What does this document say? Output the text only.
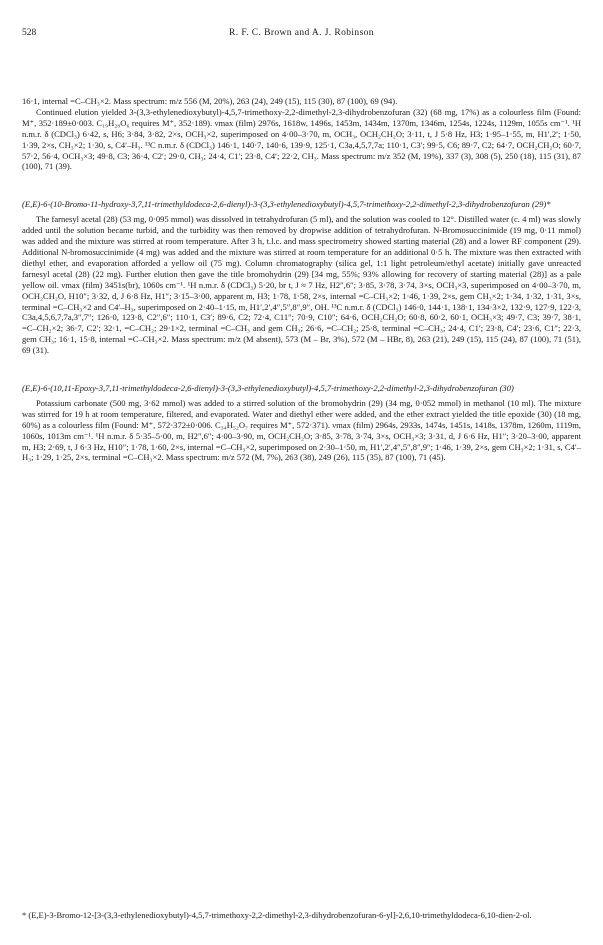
528	R. F. C. Brown and A. J. Robinson

16·1, internal =C–CH₃×2. Mass spectrum: m/z 556 (M, 20%), 263 (24), 249 (15), 115 (30), 87 (100), 69 (94).

Continued elution yielded 3-(3,3-ethylenedioxybutyl)-4,5,7-trimethoxy-2,2-dimethyl-2,3-dihydrobenzofuran (32) (68 mg, 17%) as a colourless film (Found: M⁺, 352·189±0·003. C₁₉H₂₈O₆ requires M⁺, 352·189). νmax (film) 2976s, 1618w, 1496s, 1453m, 1434m, 1370m, 1346m, 1254s, 1224s, 1129m, 1055s cm⁻¹. ¹H n.m.r. δ (CDCl₃) 6·42, s, H6; 3·84, 3·82, 2×s, OCH₃×2, superimposed on 4·00–3·70, m, OCH₃, OCH₂CH₂O; 3·11, t, J 5·8 Hz, H3; 1·95–1·55, m, H1′,2′; 1·50, 1·39, 2×s, CH₃×2; 1·30, s, C4′–H₃. ¹³C n.m.r. δ (CDCl₃) 146·1, 140·7, 140·6, 139·9, 125·1, C3a,4,5,7,7a; 110·1, C3′; 99·5, C6; 89·7, C2; 64·7, OCH₂CH₂O; 60·7, 57·2, 56·4, OCH₃×3; 49·8, C3; 36·4, C2′; 29·0, CH₃; 24·4, C1′; 23·8, C4′; 22·2, CH₃. Mass spectrum: m/z 352 (M, 19%), 337 (3), 308 (5), 250 (18), 115 (31), 87 (100), 71 (39).

(E,E)-6-(10-Bromo-11-hydroxy-3,7,11-trimethyldodeca-2,6-dienyl)-3-(3,3-ethylenedioxybutyl)-4,5,7-trimethoxy-2,2-dimethyl-2,3-dihydrobenzofuran (29)*

The farnesyl acetal (28) (53 mg, 0·095 mmol) was dissolved in tetrahydrofuran (5 ml), and the solution was cooled to 12°. Distilled water (c. 4 ml) was slowly added until the solution became turbid, and the turbidity was then removed by dropwise addition of tetrahydrofuran. N-Bromosuccinimide (19 mg, 0·11 mmol) was added and the mixture was stirred at room temperature. After 3 h, t.l.c. and mass spectrometry showed starting material (28) and a lower RF component (29). Additional N-bromosuccinimide (4 mg) was added and the mixture was stirred at room temperature for an additional 0·5 h. The mixture was then extracted with diethyl ether, and evaporation afforded a yellow oil (75 mg). Column chromatography (silica gel, 1:1 light petroleum/ethyl acetate) initially gave unreacted farnesyl acetal (28) (22 mg). Further elution then gave the title bromohydrin (29) [34 mg, 55%; 93% allowing for recovery of starting material (28)] as a pale yellow oil. νmax (film) 3451s(br), 1060s cm⁻¹. ¹H n.m.r. δ (CDCl₃) 5·20, br t, J ≈ 7 Hz, H2″,6″; 3·85, 3·78, 3·74, 3×s, OCH₃×3, superimposed on 4·00–3·70, m, OCH₂CH₂O, H10″; 3·32, d, J 6·8 Hz, H1″; 3·15–3·00, apparent m, H3; 1·78, 1·58, 2×s, internal =C–CH₃×2; 1·46, 1·39, 2×s, gem CH₃×2; 1·34, 1·32, 1·31, 3×s, terminal =C–CH₃×2 and C4′–H₃, superimposed on 2·40–1·15, m, H1′,2′,4″,5″,8″,9″, OH. ¹³C n.m.r. δ (CDCl₃) 146·0, 144·1, 138·1, 134·3×2, 132·9, 127·9, 122·3, C3a,4,5,6,7,7a,3″,7″; 126·0, 123·8, C2″,6″; 110·1, C3′; 89·6, C2; 72·4, C11″; 70·9, C10″; 64·6, OCH₂CH₂O; 60·8, 60·2, 60·1, OCH₃×3; 49·7, C3; 39·7, 38·1, =C–CH₂×2; 36·7, C2′; 32·1, =C–CH₂; 29·1×2, terminal =C–CH₃ and gem CH₃; 26·6, =C–CH₂; 25·8, terminal =C–CH₃; 24·4, C1′; 23·8, C4′; 23·6, C1″; 22·3, gem CH₃; 16·1, 15·8, internal =C–CH₃×2. Mass spectrum: m/z (M absent), 573 (M – Br, 3%), 572 (M – HBr, 8), 263 (21), 249 (15), 115 (24), 87 (100), 71 (51), 69 (31).

(E,E)-6-(10,11-Epoxy-3,7,11-trimethyldodeca-2,6-dienyl)-3-(3,3-ethylenedioxybutyl)-4,5,7-trimethoxy-2,2-dimethyl-2,3-dihydrobenzofuran (30)

Potassium carbonate (500 mg, 3·62 mmol) was added to a stirred solution of the bromohydrin (29) (34 mg, 0·052 mmol) in methanol (10 ml). The mixture was stirred for 19 h at room temperature, filtered, and evaporated. Water and diethyl ether were added, and the ether extract yielded the title epoxide (30) (18 mg, 60%) as a colourless film (Found: M⁺, 572·372±0·006. C₃₄H₅₂O₇ requires M⁺, 572·371). νmax (film) 2964s, 2933s, 1474s, 1451s, 1418s, 1378m, 1260m, 1119m, 1060s, 1013m cm⁻¹. ¹H n.m.r. δ 5·35–5·00, m, H2″,6″; 4·00–3·90, m, OCH₂CH₂O; 3·85, 3·78, 3·74, 3×s, OCH₃×3; 3·31, d, J 6·6 Hz, H1″; 3·20–3·00, apparent m, H3; 2·69, t, J 6·3 Hz, H10″; 1·78, 1·60, 2×s, internal =C–CH₃×2, superimposed on 2·30–1·50, m, H1′,2′,4″,5″,8″,9″; 1·46, 1·39, 2×s, gem CH₃×2; 1·31, s, C4′–H₃; 1·29, 1·25, 2×s, terminal =C–CH₃×2. Mass spectrum: m/z 572 (M, 7%), 263 (38), 249 (26), 115 (35), 87 (100), 71 (45).

* (E,E)-3-Bromo-12-[3-(3,3-ethylenedioxybutyl)-4,5,7-trimethoxy-2,2-dimethyl-2,3-dihydrobenzofuran-6-yl]-2,6,10-trimethyldodeca-6,10-dien-2-ol.
